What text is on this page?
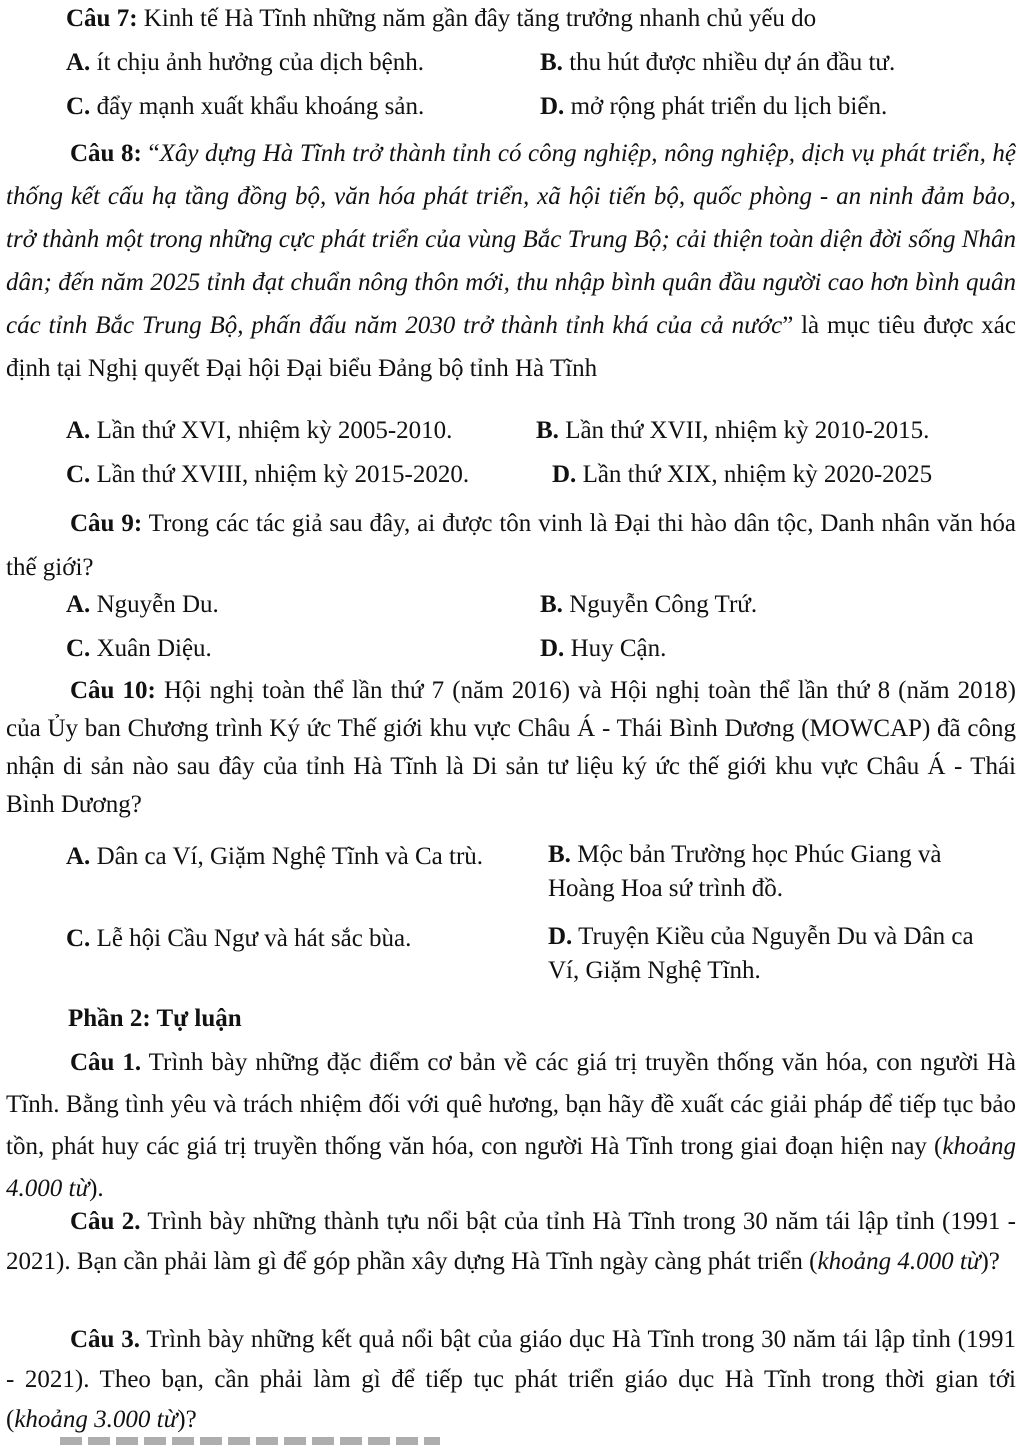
Câu 7: Kinh tế Hà Tĩnh những năm gần đây tăng trưởng nhanh chủ yếu do
A. ít chịu ảnh hưởng của dịch bệnh.	B. thu hút được nhiều dự án đầu tư.
C. đẩy mạnh xuất khẩu khoáng sản.	D. mở rộng phát triển du lịch biển.
Câu 8: “Xây dựng Hà Tĩnh trở thành tỉnh có công nghiệp, nông nghiệp, dịch vụ phát triển, hệ thống kết cấu hạ tầng đồng bộ, văn hóa phát triển, xã hội tiến bộ, quốc phòng - an ninh đảm bảo, trở thành một trong những cực phát triển của vùng Bắc Trung Bộ; cải thiện toàn diện đời sống Nhân dân; đến năm 2025 tỉnh đạt chuẩn nông thôn mới, thu nhập bình quân đầu người cao hơn bình quân các tỉnh Bắc Trung Bộ, phấn đấu năm 2030 trở thành tỉnh khá của cả nước” là mục tiêu được xác định tại Nghị quyết Đại hội Đại biểu Đảng bộ tỉnh Hà Tĩnh
A. Lần thứ XVI, nhiệm kỳ 2005-2010.	B. Lần thứ XVII, nhiệm kỳ 2010-2015.
C. Lần thứ XVIII, nhiệm kỳ 2015-2020.	D. Lần thứ XIX, nhiệm kỳ 2020-2025
Câu 9: Trong các tác giả sau đây, ai được tôn vinh là Đại thi hào dân tộc, Danh nhân văn hóa thế giới?
A. Nguyễn Du.	B. Nguyễn Công Trứ.
C. Xuân Diệu.	D. Huy Cận.
Câu 10: Hội nghị toàn thể lần thứ 7 (năm 2016) và Hội nghị toàn thể lần thứ 8 (năm 2018) của Ủy ban Chương trình Ký ức Thế giới khu vực Châu Á - Thái Bình Dương (MOWCAP) đã công nhận di sản nào sau đây của tỉnh Hà Tĩnh là Di sản tư liệu ký ức thế giới khu vực Châu Á - Thái Bình Dương?
A. Dân ca Ví, Giặm Nghệ Tĩnh và Ca trù.	B. Mộc bản Trường học Phúc Giang và Hoàng Hoa sứ trình đồ.
C. Lễ hội Cầu Ngư và hát sắc bùa.	D. Truyện Kiều của Nguyễn Du và Dân ca Ví, Giặm Nghệ Tĩnh.
Phần 2: Tự luận
Câu 1. Trình bày những đặc điểm cơ bản về các giá trị truyền thống văn hóa, con người Hà Tĩnh. Bằng tình yêu và trách nhiệm đối với quê hương, bạn hãy đề xuất các giải pháp để tiếp tục bảo tồn, phát huy các giá trị truyền thống văn hóa, con người Hà Tĩnh trong giai đoạn hiện nay (khoảng 4.000 từ).
Câu 2. Trình bày những thành tựu nổi bật của tỉnh Hà Tĩnh trong 30 năm tái lập tỉnh (1991 - 2021). Bạn cần phải làm gì để góp phần xây dựng Hà Tĩnh ngày càng phát triển (khoảng 4.000 từ)?
Câu 3. Trình bày những kết quả nổi bật của giáo dục Hà Tĩnh trong 30 năm tái lập tỉnh (1991 - 2021). Theo bạn, cần phải làm gì để tiếp tục phát triển giáo dục Hà Tĩnh trong thời gian tới (khoảng 3.000 từ)?
